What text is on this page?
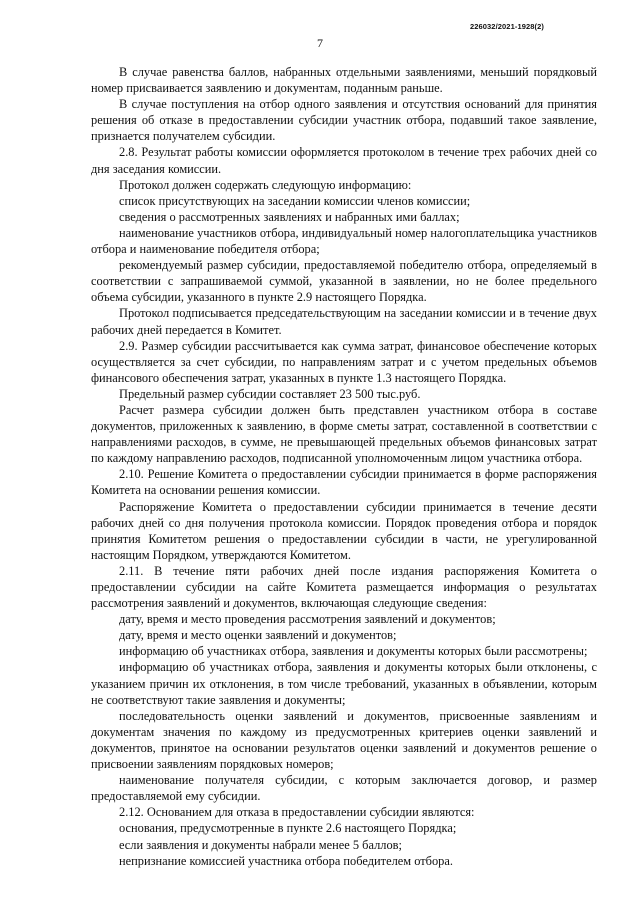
226032/2021-1928(2)
7

В случае равенства баллов, набранных отдельными заявлениями, меньший порядковый номер присваивается заявлению и документам, поданным раньше.

В случае поступления на отбор одного заявления и отсутствия оснований для принятия решения об отказе в предоставлении субсидии участник отбора, подавший такое заявление, признается получателем субсидии.

2.8. Результат работы комиссии оформляется протоколом в течение трех рабочих дней со дня заседания комиссии.

Протокол должен содержать следующую информацию:

список присутствующих на заседании комиссии членов комиссии;

сведения о рассмотренных заявлениях и набранных ими баллах;

наименование участников отбора, индивидуальный номер налогоплательщика участников отбора и наименование победителя отбора;

рекомендуемый размер субсидии, предоставляемой победителю отбора, определяемый в соответствии с запрашиваемой суммой, указанной в заявлении, но не более предельного объема субсидии, указанного в пункте 2.9 настоящего Порядка.

Протокол подписывается председательствующим на заседании комиссии и в течение двух рабочих дней передается в Комитет.

2.9. Размер субсидии рассчитывается как сумма затрат, финансовое обеспечение которых осуществляется за счет субсидии, по направлениям затрат и с учетом предельных объемов финансового обеспечения затрат, указанных в пункте 1.3 настоящего Порядка.

Предельный размер субсидии составляет 23 500 тыс.руб.

Расчет размера субсидии должен быть представлен участником отбора в составе документов, приложенных к заявлению, в форме сметы затрат, составленной в соответствии с направлениями расходов, в сумме, не превышающей предельных объемов финансовых затрат по каждому направлению расходов, подписанной уполномоченным лицом участника отбора.

2.10. Решение Комитета о предоставлении субсидии принимается в форме распоряжения Комитета на основании решения комиссии.

Распоряжение Комитета о предоставлении субсидии принимается в течение десяти рабочих дней со дня получения протокола комиссии. Порядок проведения отбора и порядок принятия Комитетом решения о предоставлении субсидии в части, не урегулированной настоящим Порядком, утверждаются Комитетом.

2.11. В течение пяти рабочих дней после издания распоряжения Комитета о предоставлении субсидии на сайте Комитета размещается информация о результатах рассмотрения заявлений и документов, включающая следующие сведения:

дату, время и место проведения рассмотрения заявлений и документов;

дату, время и место оценки заявлений и документов;

информацию об участниках отбора, заявления и документы которых были рассмотрены;

информацию об участниках отбора, заявления и документы которых были отклонены, с указанием причин их отклонения, в том числе требований, указанных в объявлении, которым не соответствуют такие заявления и документы;

последовательность оценки заявлений и документов, присвоенные заявлениям и документам значения по каждому из предусмотренных критериев оценки заявлений и документов, принятое на основании результатов оценки заявлений и документов решение о присвоении заявлениям порядковых номеров;

наименование получателя субсидии, с которым заключается договор, и размер предоставляемой ему субсидии.

2.12. Основанием для отказа в предоставлении субсидии являются:

основания, предусмотренные в пункте 2.6 настоящего Порядка;

если заявления и документы набрали менее 5 баллов;

непризнание комиссией участника отбора победителем отбора.
